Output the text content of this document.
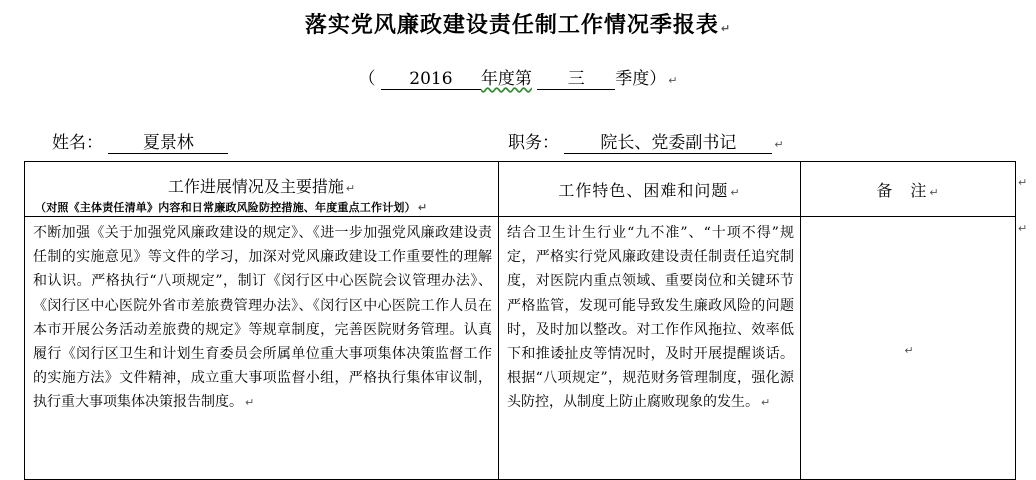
落实党风廉政建设责任制工作情况季报表 ↵
（ 2016 年度第 三 季度） ↵
姓名： 夏景林	职务： 院长、党委副书记	↵
工作进展情况及主要措施 ↵
（对照《主体责任清单》内容和日常廉政风险防控措施、年度重点工作计划） ↵	工作特色、困难和问题 ↵	备　注 ↵

不断加强《关于加强党风廉政建设的规定》、《进一步加强党风廉政建设责任制的实施意见》等文件的学习，加深对党风廉政建设工作重要性的理解和认识。严格执行“八项规定”，制订《闵行区中心医院会议管理办法》、《闵行区中心医院外省市差旅费管理办法》、《闵行区中心医院工作人员在本市开展公务活动差旅费的规定》等规章制度，完善医院财务管理。认真履行《闵行区卫生和计划生育委员会所属单位重大事项集体决策监督工作的实施方法》文件精神，成立重大事项监督小组，严格执行集体审议制，执行重大事项集体决策报告制度。 ↵	结合卫生计生行业“九不准”、“十项不得”规定，严格实行党风廉政建设责任制责任追究制度，对医院内重点领域、重要岗位和关键环节严格监管，发现可能导致发生廉政风险的问题时，及时加以整改。对工作作风拖拉、效率低下和推诿扯皮等情况时，及时开展提醒谈话。根据“八项规定”，规范财务管理制度，强化源头防控，从制度上防止腐败现象的发生。 ↵	↵
↵
↵
